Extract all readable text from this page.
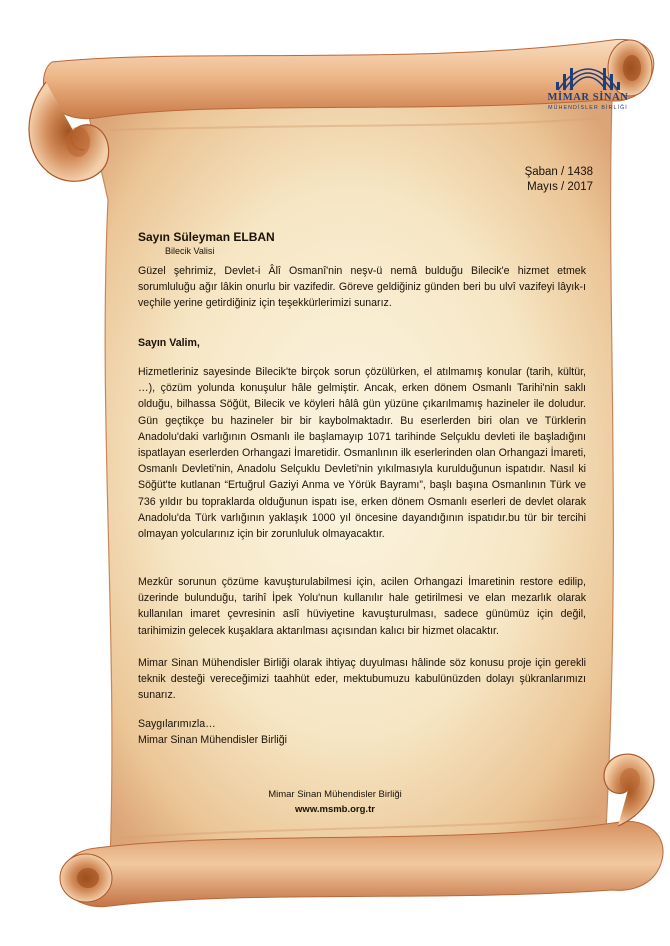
MİMAR SİNAN
MÜHENDİSLER BİRLİĞİ
Şaban / 1438
Mayıs / 2017
Sayın Süleyman ELBAN
Bilecik Valisi

Güzel şehrimiz, Devlet-i Âlî Osmanî'nin neşv-ü nemâ bulduğu Bilecik'e hizmet etmek sorumluluğu ağır lâkin onurlu bir vazifedir. Göreve geldiğiniz günden beri bu ulvî vazifeyi lâyık-ı veçhile yerine getirdiğiniz için teşekkürlerimizi sunarız.

Sayın Valim,

Hizmetleriniz sayesinde Bilecik'te birçok sorun çözülürken, el atılmamış konular (tarih, kültür, …), çözüm yolunda konuşulur hâle gelmiştir. Ancak, erken dönem Osmanlı Tarihi'nin saklı olduğu, bilhassa Söğüt, Bilecik ve köyleri hâlâ gün yüzüne çıkarılmamış hazineler ile doludur. Gün geçtikçe bu hazineler bir bir kaybolmaktadır. Bu eserlerden biri olan ve Türklerin Anadolu'daki varlığının Osmanlı ile başlamayıp 1071 tarihinde Selçuklu devleti ile başladığını ispatlayan eserlerden Orhangazi İmaretidir. Osmanlının ilk eserlerinden olan Orhangazi İmareti, Osmanlı Devleti'nin, Anadolu Selçuklu Devleti'nin yıkılmasıyla kurulduğunun ispatıdır. Nasıl ki Söğüt'te kutlanan “Ertuğrul Gaziyi Anma ve Yörük Bayramı”, başlı başına Osmanlının Türk ve 736 yıldır bu topraklarda olduğunun ispatı ise, erken dönem Osmanlı eserleri de devlet olarak Anadolu'da Türk varlığının yaklaşık 1000 yıl öncesine dayandığının ispatıdır.bu tür bir tercihi olmayan yolcularınız için bir zorunluluk olmayacaktır.

Mezkûr sorunun çözüme kavuşturulabilmesi için, acilen Orhangazi İmaretinin restore edilip, üzerinde bulunduğu, tarihî İpek Yolu'nun kullanılır hale getirilmesi ve elan mezarlık olarak kullanılan imaret çevresinin aslî hüviyetine kavuşturulması, sadece günümüz için değil, tarihimizin gelecek kuşaklara aktarılması açısından kalıcı bir hizmet olacaktır.

Mimar Sinan Mühendisler Birliği olarak ihtiyaç duyulması hâlinde söz konusu proje için gerekli teknik desteği vereceğimizi taahhüt eder, mektubumuzu kabulünüzden dolayı şükranlarımızı sunarız.

Saygılarımızla…
Mimar Sinan Mühendisler Birliği
Mimar Sinan Mühendisler Birliği
www.msmb.org.tr
